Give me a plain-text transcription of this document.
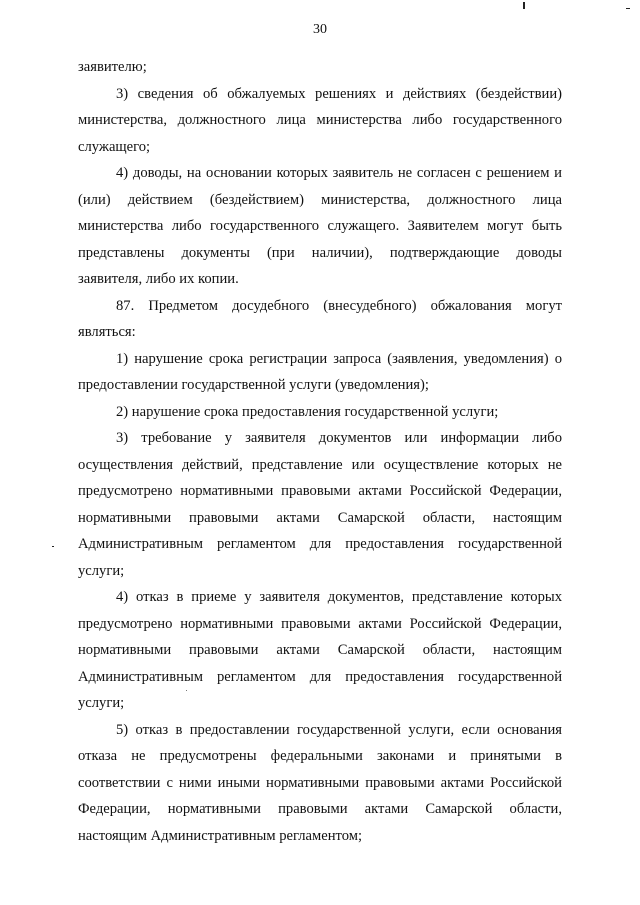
30

заявителю;

3) сведения об обжалуемых решениях и действиях (бездействии) министерства, должностного лица министерства либо государственного служащего;

4) доводы, на основании которых заявитель не согласен с решением и (или) действием (бездействием) министерства, должностного лица министерства либо государственного служащего. Заявителем могут быть представлены документы (при наличии), подтверждающие доводы заявителя, либо их копии.

87. Предметом досудебного (внесудебного) обжалования могут являться:

1) нарушение срока регистрации запроса (заявления, уведомления) о предоставлении государственной услуги (уведомления);

2) нарушение срока предоставления государственной услуги;

3) требование у заявителя документов или информации либо осуществления действий, представление или осуществление которых не предусмотрено нормативными правовыми актами Российской Федерации, нормативными правовыми актами Самарской области, настоящим Административным регламентом для предоставления государственной услуги;

4) отказ в приеме у заявителя документов, представление которых предусмотрено нормативными правовыми актами Российской Федерации, нормативными правовыми актами Самарской области, настоящим Административным регламентом для предоставления государственной услуги;

5) отказ в предоставлении государственной услуги, если основания отказа не предусмотрены федеральными законами и принятыми в соответствии с ними иными нормативными правовыми актами Российской Федерации, нормативными правовыми актами Самарской области, настоящим Административным регламентом;
